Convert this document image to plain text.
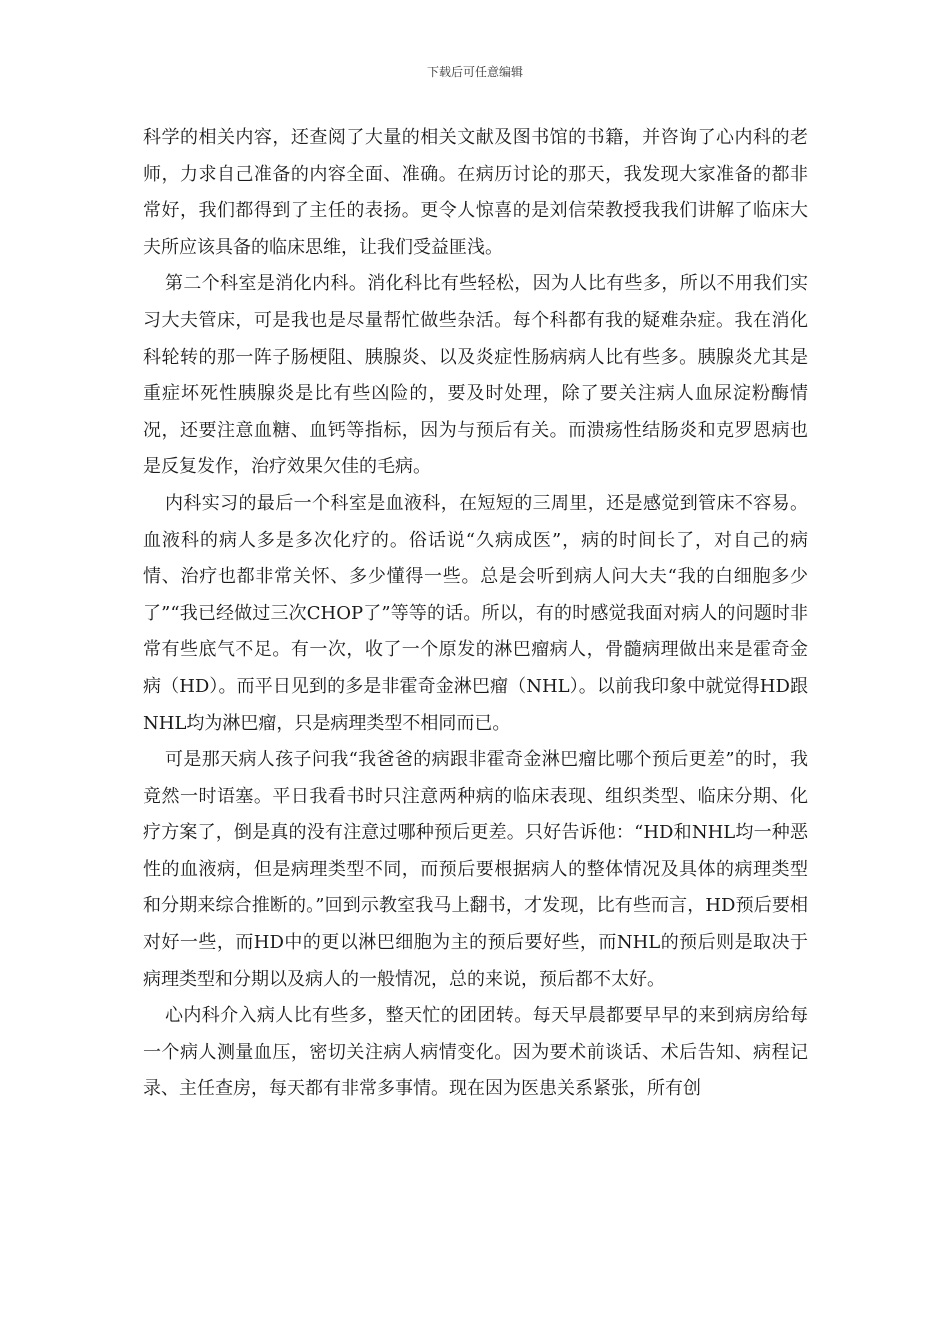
下载后可任意编辑

科学的相关内容，还查阅了大量的相关文献及图书馆的书籍，并咨询了心内科的老师，力求自己准备的内容全面、准确。在病历讨论的那天，我发现大家准备的都非常好，我们都得到了主任的表扬。更令人惊喜的是刘信荣教授我我们讲解了临床大夫所应该具备的临床思维，让我们受益匪浅。

第二个科室是消化内科。消化科比有些轻松，因为人比有些多，所以不用我们实习大夫管床，可是我也是尽量帮忙做些杂活。每个科都有我的疑难杂症。我在消化科轮转的那一阵子肠梗阻、胰腺炎、以及炎症性肠病病人比有些多。胰腺炎尤其是重症坏死性胰腺炎是比有些凶险的，要及时处理，除了要关注病人血尿淀粉酶情况，还要注意血糖、血钙等指标，因为与预后有关。而溃疡性结肠炎和克罗恩病也是反复发作，治疗效果欠佳的毛病。

内科实习的最后一个科室是血液科，在短短的三周里，还是感觉到管床不容易。血液科的病人多是多次化疗的。俗话说“久病成医”，病的时间长了，对自己的病情、治疗也都非常关怀、多少懂得一些。总是会听到病人问大夫“我的白细胞多少了”“我已经做过三次CHOP了”等等的话。所以，有的时感觉我面对病人的问题时非常有些底气不足。有一次，收了一个原发的淋巴瘤病人，骨髓病理做出来是霍奇金病（HD）。而平日见到的多是非霍奇金淋巴瘤（NHL）。以前我印象中就觉得HD跟NHL均为淋巴瘤，只是病理类型不相同而已。

可是那天病人孩子问我“我爸爸的病跟非霍奇金淋巴瘤比哪个预后更差”的时，我竟然一时语塞。平日我看书时只注意两种病的临床表现、组织类型、临床分期、化疗方案了，倒是真的没有注意过哪种预后更差。只好告诉他：“HD和NHL均一种恶性的血液病，但是病理类型不同，而预后要根据病人的整体情况及具体的病理类型和分期来综合推断的。”回到示教室我马上翻书，才发现，比有些而言，HD预后要相对好一些，而HD中的更以淋巴细胞为主的预后要好些，而NHL的预后则是取决于病理类型和分期以及病人的一般情况，总的来说，预后都不太好。

心内科介入病人比有些多，整天忙的团团转。每天早晨都要早早的来到病房给每一个病人测量血压，密切关注病人病情变化。因为要术前谈话、术后告知、病程记录、主任查房，每天都有非常多事情。现在因为医患关系紧张，所有创
